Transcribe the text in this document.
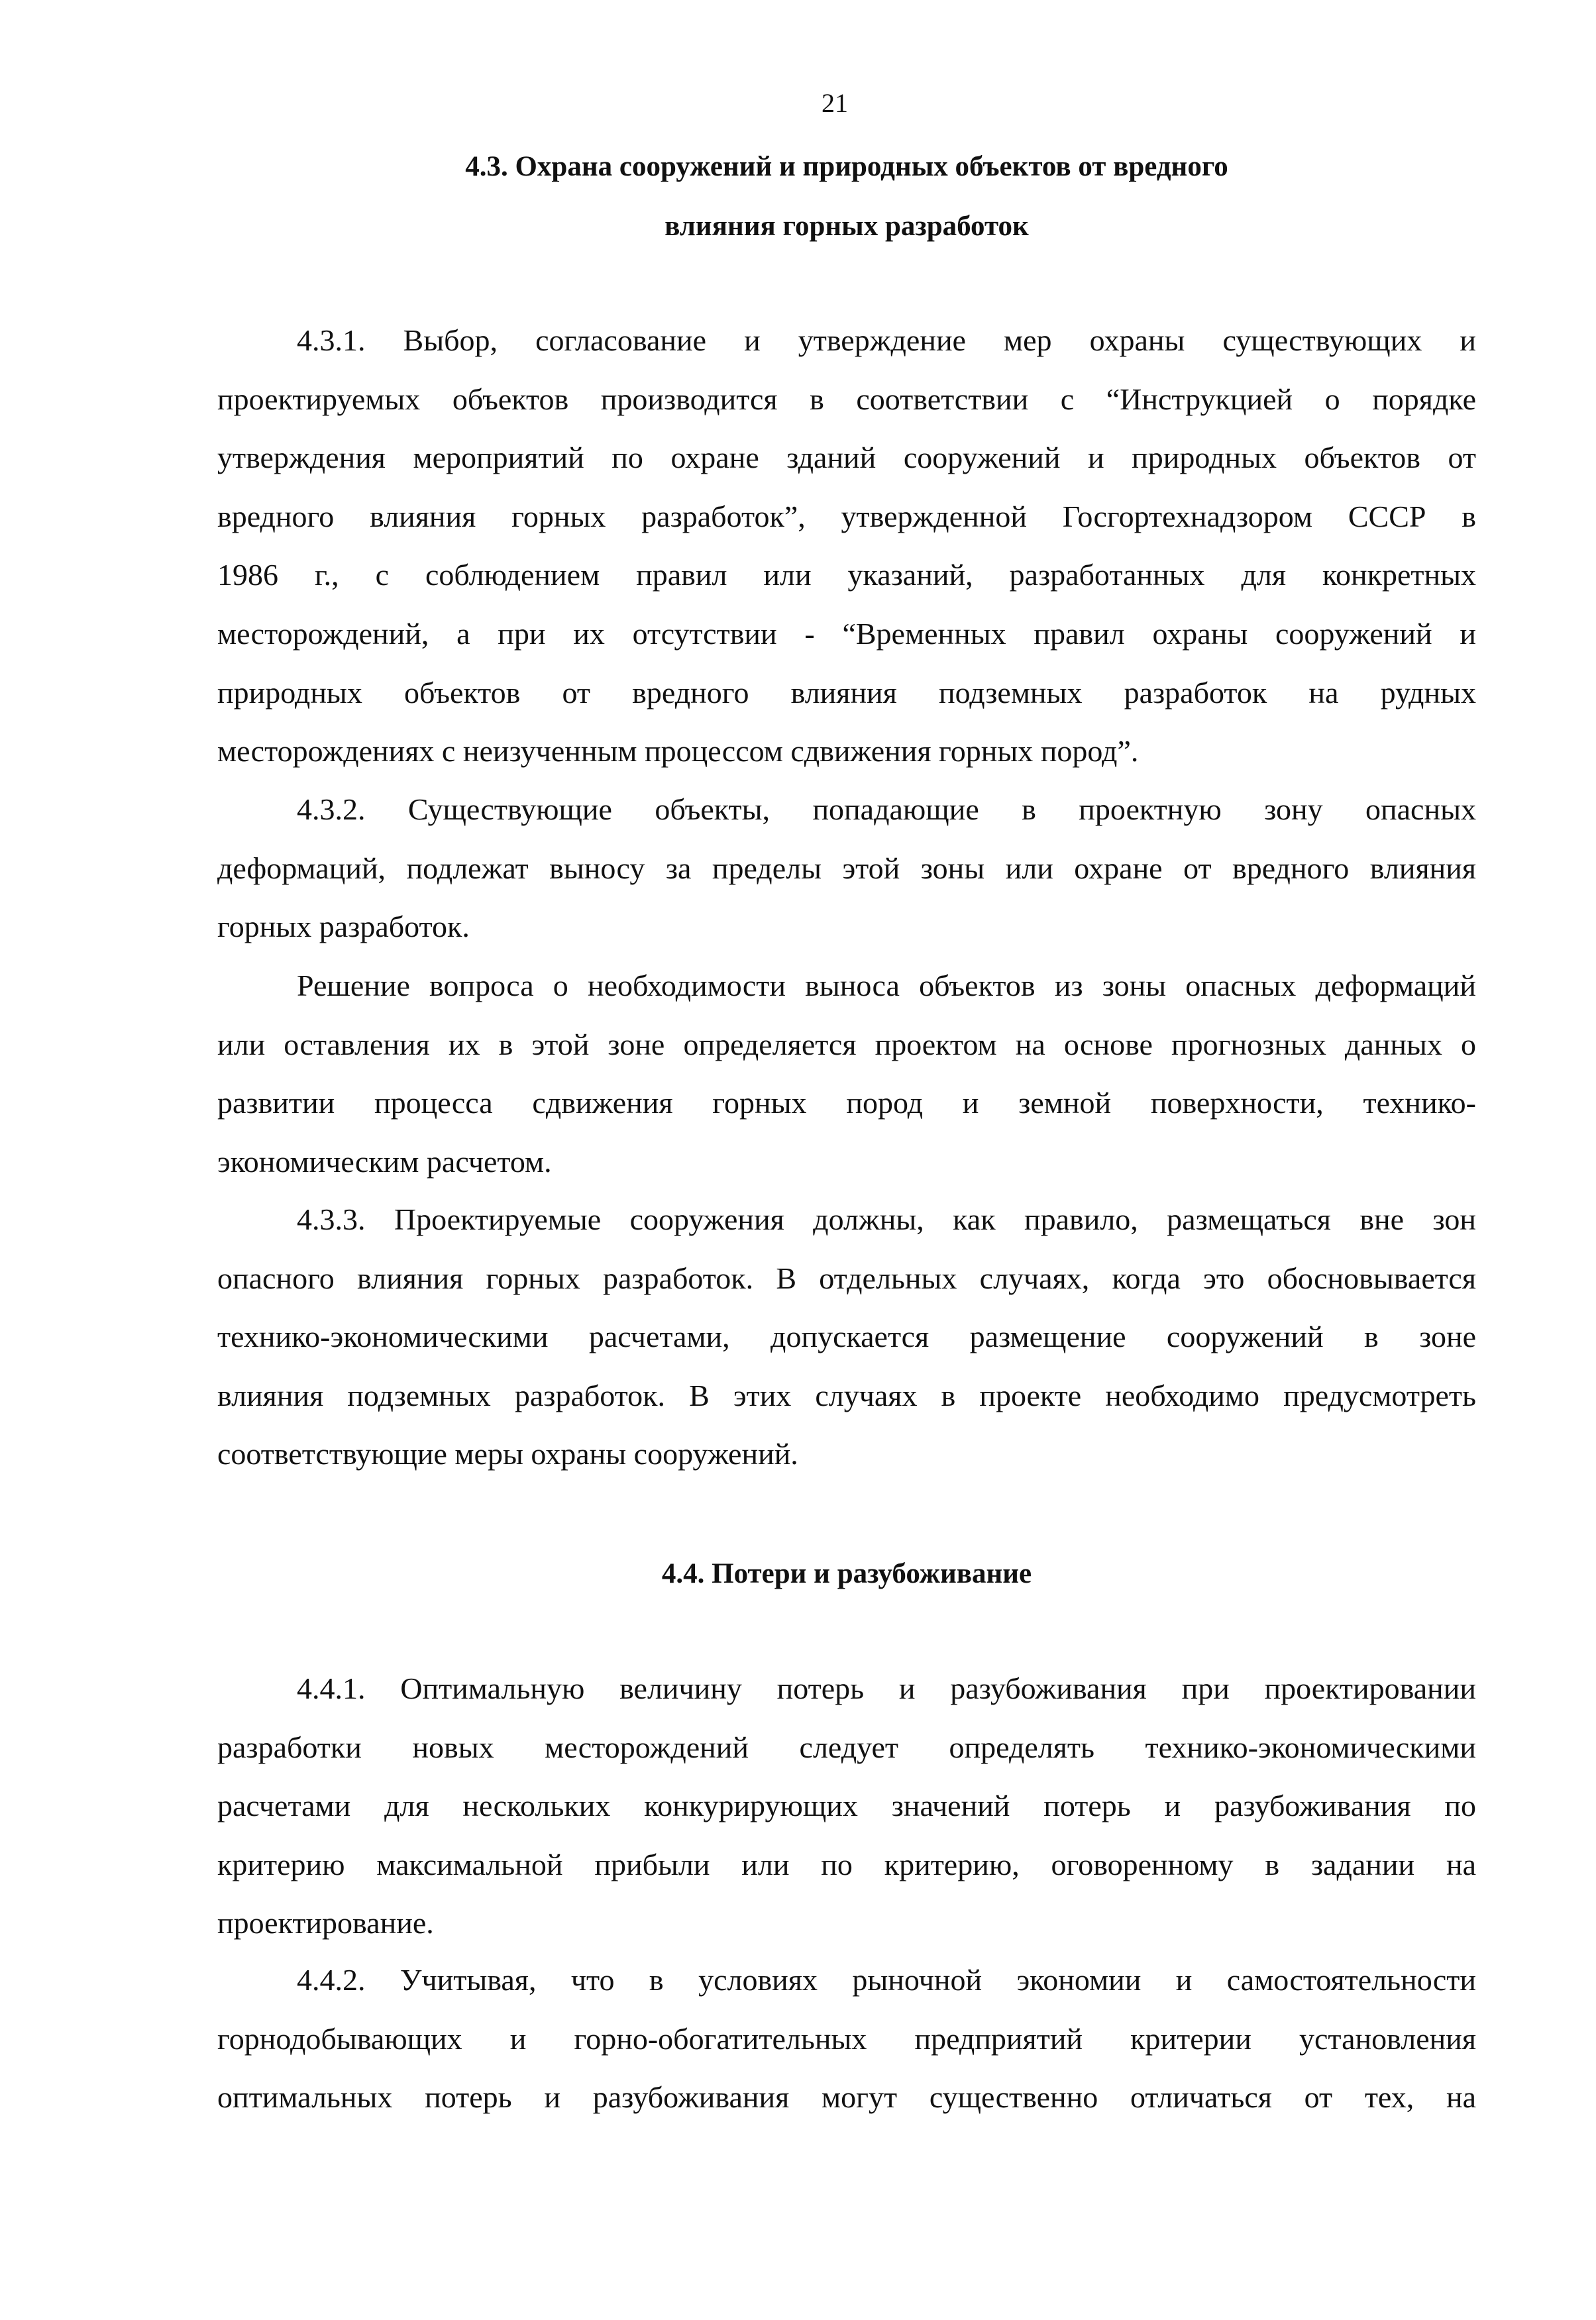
21
4.3. Охрана сооружений и природных объектов от вредного
влияния горных разработок
4.3.1. Выбор, согласование и утверждение мер охраны существующих и
проектируемых объектов производится в соответствии с “Инструкцией о порядке
утверждения мероприятий по охране зданий сооружений и природных объектов от
вредного влияния горных разработок”, утвержденной Госгортехнадзором СССР в
1986 г., с соблюдением правил или указаний, разработанных для конкретных
месторождений, а при их отсутствии - “Временных правил охраны сооружений и
природных объектов от вредного влияния подземных разработок на рудных
месторождениях с неизученным процессом сдвижения горных пород”.
4.3.2. Существующие объекты, попадающие в проектную зону опасных
деформаций, подлежат выносу за пределы этой зоны или охране от вредного влияния
горных разработок.
Решение вопроса о необходимости выноса объектов из зоны опасных деформаций
или оставления их в этой зоне определяется проектом на основе прогнозных данных о
развитии процесса сдвижения горных пород и земной поверхности, технико-
экономическим расчетом.
4.3.3. Проектируемые сооружения должны, как правило, размещаться вне зон
опасного влияния горных разработок. В отдельных случаях, когда это обосновывается
технико-экономическими расчетами, допускается размещение сооружений в зоне
влияния подземных разработок. В этих случаях в проекте необходимо предусмотреть
соответствующие меры охраны сооружений.
4.4. Потери и разубоживание
4.4.1. Оптимальную величину потерь и разубоживания при проектировании
разработки новых месторождений следует определять технико-экономическими
расчетами для нескольких конкурирующих значений потерь и разубоживания по
критерию максимальной прибыли или по критерию, оговоренному в задании на
проектирование.
4.4.2. Учитывая, что в условиях рыночной экономии и самостоятельности
горнодобывающих и горно-обогатительных предприятий критерии установления
оптимальных потерь и разубоживания могут существенно отличаться от тех, на
